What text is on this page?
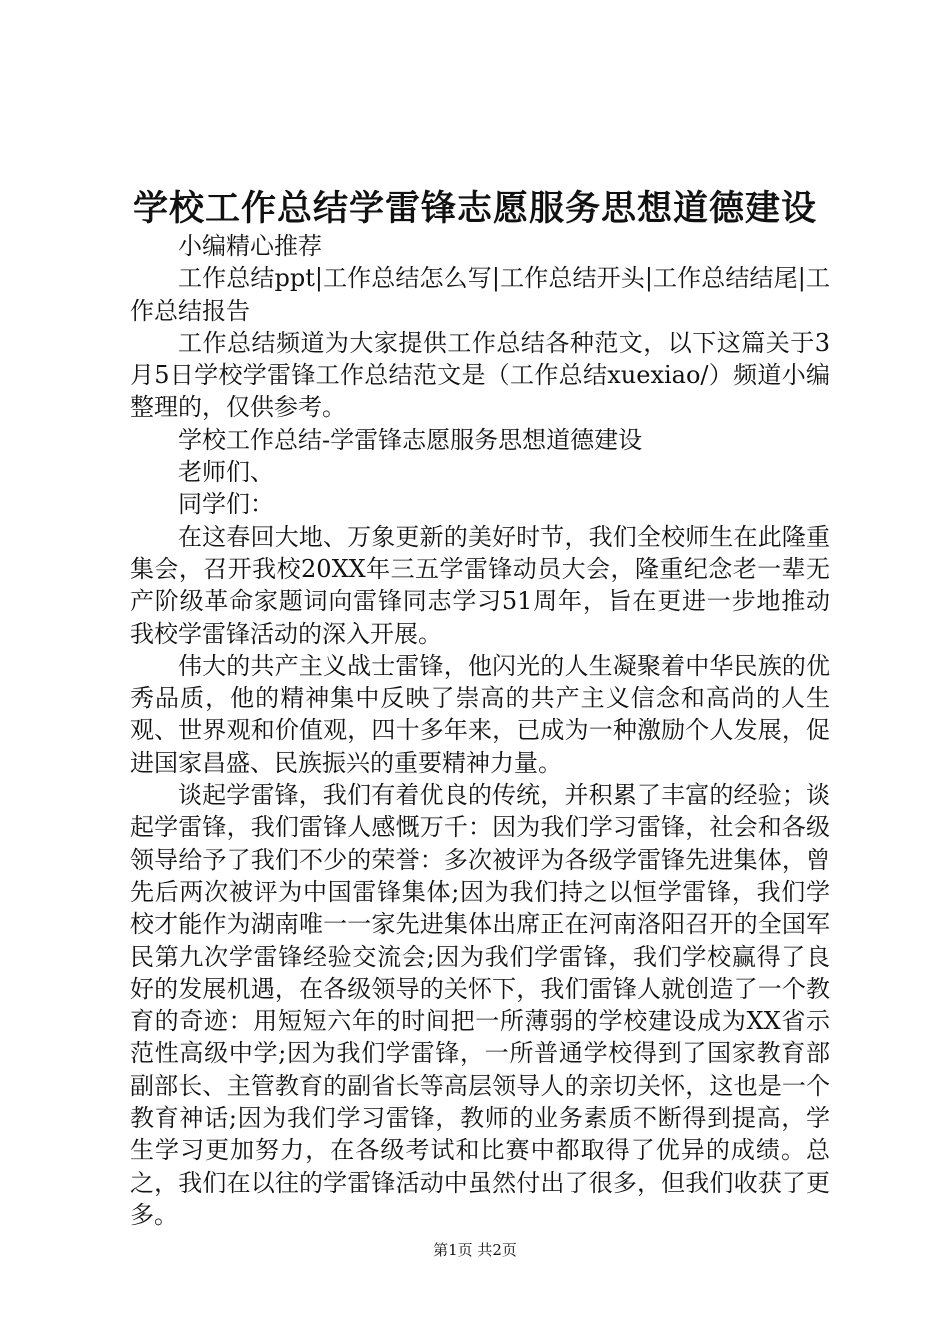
学校工作总结学雷锋志愿服务思想道德建设

小编精心推荐

工作总结ppt|工作总结怎么写|工作总结开头|工作总结结尾|工作总结报告

工作总结频道为大家提供工作总结各种范文，以下这篇关于3月5日学校学雷锋工作总结范文是（工作总结xuexiao/）频道小编整理的，仅供参考。

学校工作总结-学雷锋志愿服务思想道德建设

老师们、

同学们：

在这春回大地、万象更新的美好时节，我们全校师生在此隆重集会，召开我校20XX年三五学雷锋动员大会，隆重纪念老一辈无产阶级革命家题词向雷锋同志学习51周年，旨在更进一步地推动我校学雷锋活动的深入开展。

伟大的共产主义战士雷锋，他闪光的人生凝聚着中华民族的优秀品质，他的精神集中反映了崇高的共产主义信念和高尚的人生观、世界观和价值观，四十多年来，已成为一种激励个人发展，促进国家昌盛、民族振兴的重要精神力量。

谈起学雷锋，我们有着优良的传统，并积累了丰富的经验；谈起学雷锋，我们雷锋人感慨万千：因为我们学习雷锋，社会和各级领导给予了我们不少的荣誉：多次被评为各级学雷锋先进集体，曾先后两次被评为中国雷锋集体;因为我们持之以恒学雷锋，我们学校才能作为湖南唯一一家先进集体出席正在河南洛阳召开的全国军民第九次学雷锋经验交流会;因为我们学雷锋，我们学校赢得了良好的发展机遇，在各级领导的关怀下，我们雷锋人就创造了一个教育的奇迹：用短短六年的时间把一所薄弱的学校建设成为XX省示范性高级中学;因为我们学雷锋，一所普通学校得到了国家教育部副部长、主管教育的副省长等高层领导人的亲切关怀，这也是一个教育神话;因为我们学习雷锋，教师的业务素质不断得到提高，学生学习更加努力，在各级考试和比赛中都取得了优异的成绩。总之，我们在以往的学雷锋活动中虽然付出了很多，但我们收获了更多。

第1页 共2页
